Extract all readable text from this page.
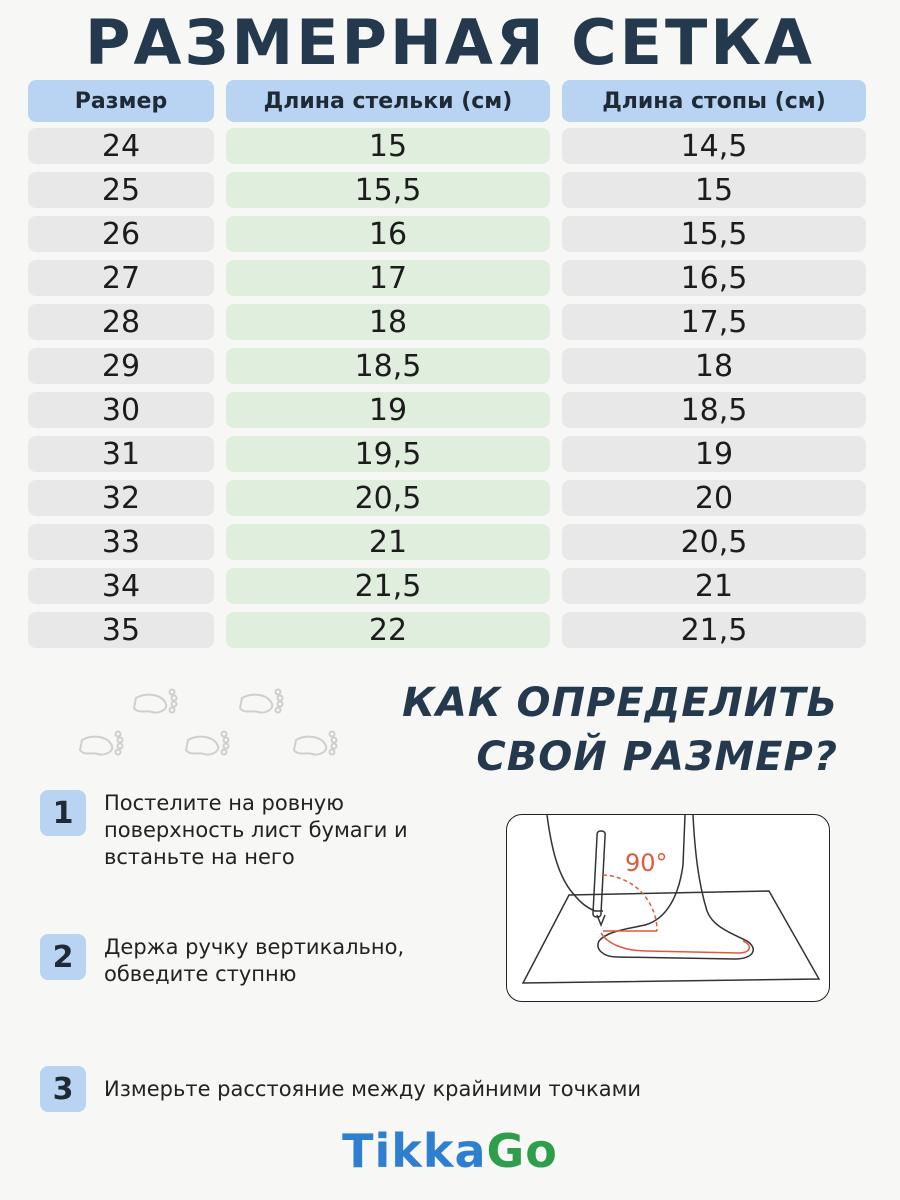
РАЗМЕРНАЯ СЕТКА
Размер	Длина стельки (см)	Длина стопы (см)
24	15	14,5
25	15,5	15
26	16	15,5
27	17	16,5
28	18	17,5
29	18,5	18
30	19	18,5
31	19,5	19
32	20,5	20
33	21	20,5
34	21,5	21
35	22	21,5
КАК ОПРЕДЕЛИТЬ
СВОЙ РАЗМЕР?
1	Постелите на ровную поверхность лист бумаги и встаньте на него
2	Держа ручку вертикально, обведите ступню
3	Измерьте расстояние между крайними точками
90°
TikkaGo
